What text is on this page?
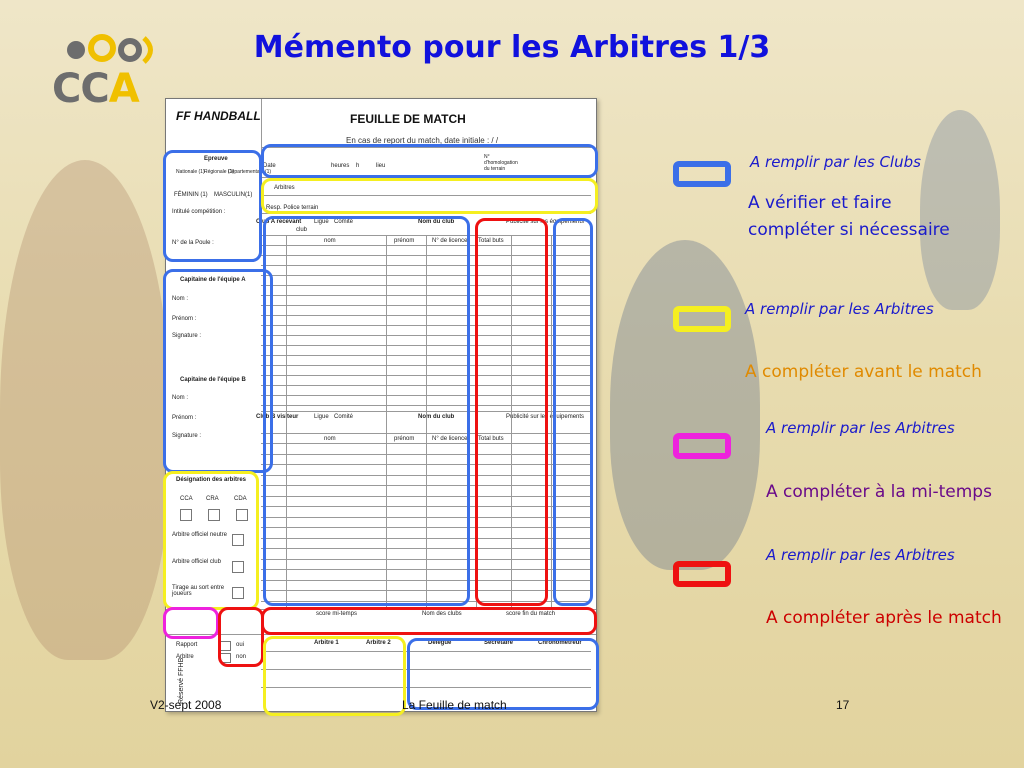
CCA
Mémento pour les Arbitres 1/3
FF HANDBALL	FEUILLE DE MATCH
En cas de report du match, date initiale : / /
Date	heures h	lieu
N° d'homologation du terrain
Epreuve
Nationale (1) Régionale (1)
Départementale (1)
FÉMININ (1) MASCULIN(1)
Intitulé compétition :
N° de la Poule :
Arbitres
Resp. Police terrain
Club A recevant Ligue Comité
club
Nom du club	Publicité sur les équipements
nom	prénom	N° de licence Total buts
Club B visiteur	Ligue Comité	Nom du club	Publicité sur les équipements
nom	prénom	N° de licence Total buts
Capitaine de l'équipe A
Nom :
Prénom :
Signature :
Capitaine de l'équipe B
Nom :
Prénom :
Signature :
Désignation des arbitres
CCA CRA	CDA
Arbitre officiel neutre
Arbitre officiel club
Tirage au sort entre joueurs
score mi-temps	Nom des clubs	score fin du match
Rapport	oui
Arbitre	non
Réservé FFHB
Arbitre 1	Arbitre 2	Délégué	Secrétaire	Chronométreur
A remplir par les Clubs
A vérifier et faire compléter si nécessaire
A remplir par les Arbitres
A compléter avant le match
A remplir par les Arbitres
A compléter à la mi-temps
A remplir par les Arbitres
A compléter après le match
V2-sept 2008	La Feuille de match	17
